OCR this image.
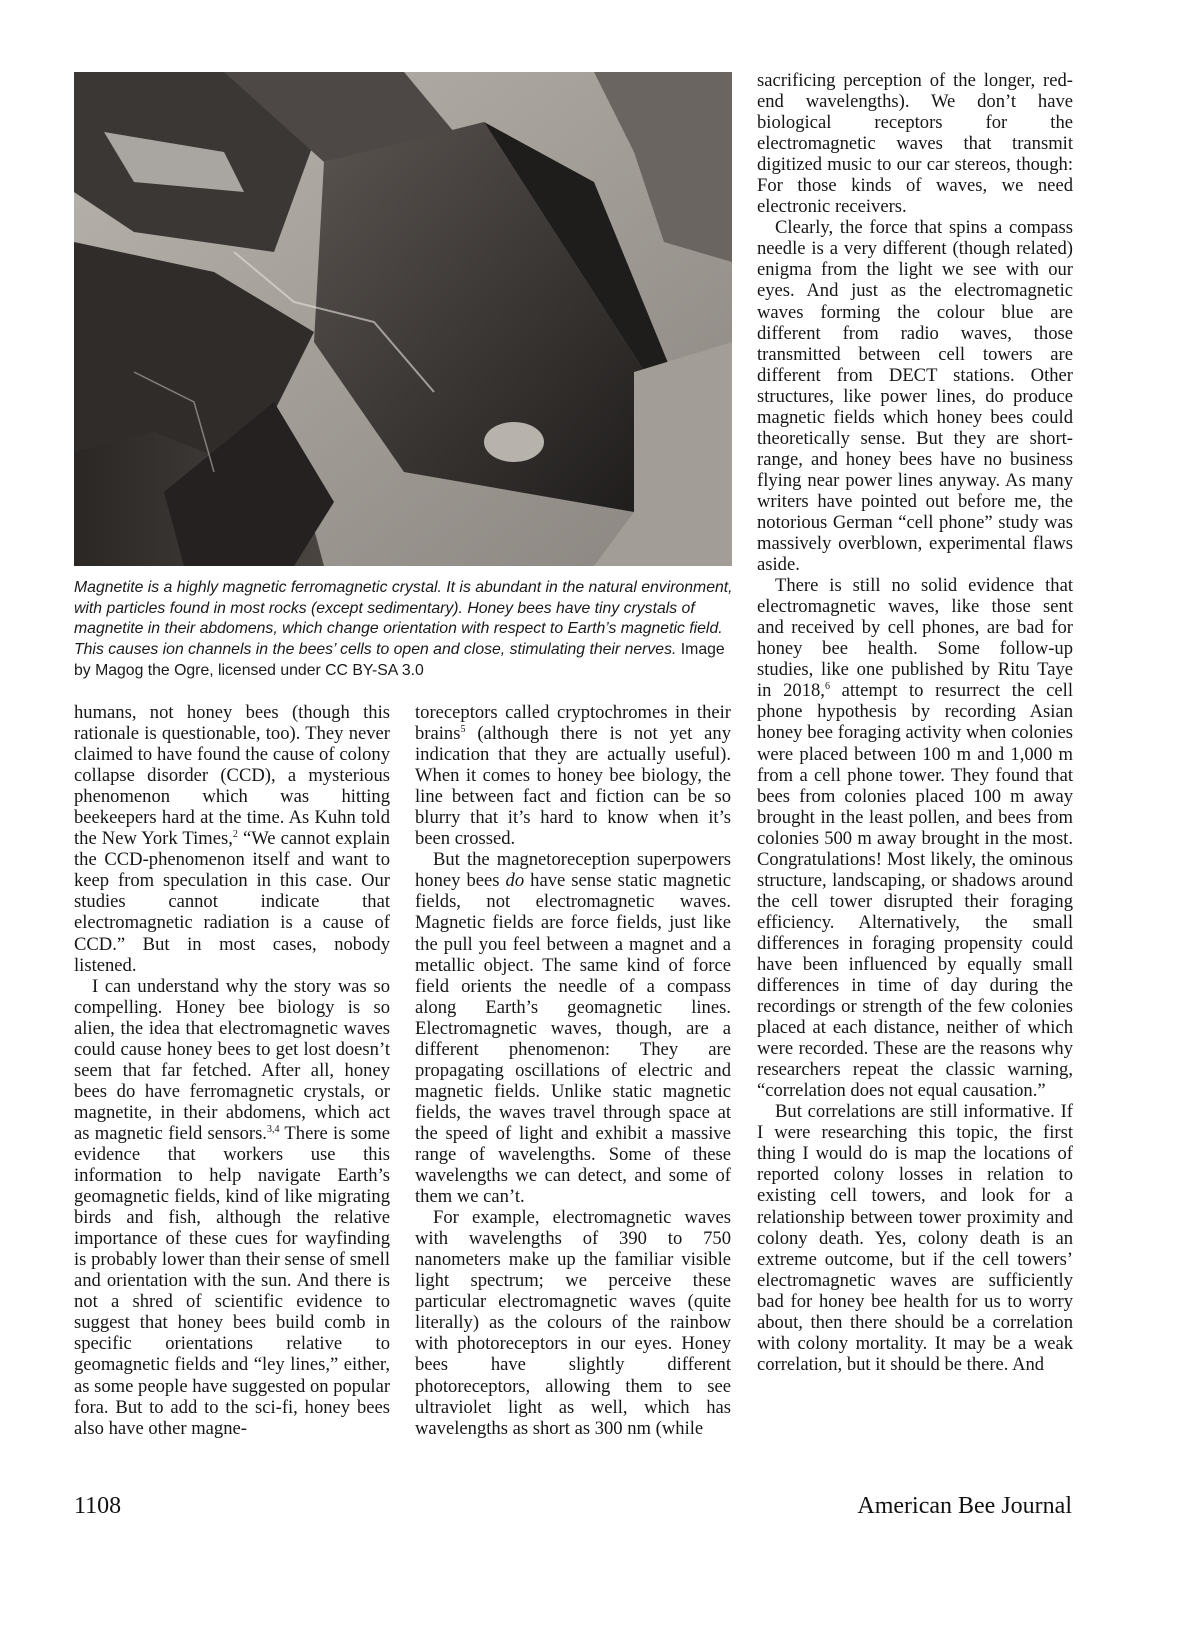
Magnetite is a highly magnetic ferromagnetic crystal. It is abundant in the natural environment, with particles found in most rocks (except sedimentary). Honey bees have tiny crystals of magnetite in their abdomens, which change orientation with respect to Earth’s magnetic field. This causes ion channels in the bees’ cells to open and close, stimulating their nerves. Image by Magog the Ogre, licensed under CC BY-SA 3.0

humans, not honey bees (though this rationale is questionable, too). They never claimed to have found the cause of colony collapse disorder (CCD), a mysterious phenomenon which was hitting beekeepers hard at the time. As Kuhn told the New York Times,$^2$ “We cannot explain the CCD-phenomenon itself and want to keep from speculation in this case. Our studies cannot indicate that electromagnetic radiation is a cause of CCD.” But in most cases, nobody listened.

I can understand why the story was so compelling. Honey bee biology is so alien, the idea that electromagnetic waves could cause honey bees to get lost doesn’t seem that far fetched. After all, honey bees do have ferromagnetic crystals, or magnetite, in their abdomens, which act as magnetic field sensors.$^{3,4}$ There is some evidence that workers use this information to help navigate Earth’s geomagnetic fields, kind of like migrating birds and fish, although the relative importance of these cues for wayfinding is probably lower than their sense of smell and orientation with the sun. And there is not a shred of scientific evidence to suggest that honey bees build comb in specific orientations relative to geomagnetic fields and “ley lines,” either, as some people have suggested on popular fora. But to add to the sci-fi, honey bees also have other magne-

toreceptors called cryptochromes in their brains$^5$ (although there is not yet any indication that they are actually useful). When it comes to honey bee biology, the line between fact and fiction can be so blurry that it’s hard to know when it’s been crossed.

But the magnetoreception superpowers honey bees do have sense static magnetic fields, not electromagnetic waves. Magnetic fields are force fields, just like the pull you feel between a magnet and a metallic object. The same kind of force field orients the needle of a compass along Earth’s geomagnetic lines. Electromagnetic waves, though, are a different phenomenon: They are propagating oscillations of electric and magnetic fields. Unlike static magnetic fields, the waves travel through space at the speed of light and exhibit a massive range of wavelengths. Some of these wavelengths we can detect, and some of them we can’t.

For example, electromagnetic waves with wavelengths of 390 to 750 nanometers make up the familiar visible light spectrum; we perceive these particular electromagnetic waves (quite literally) as the colours of the rainbow with photoreceptors in our eyes. Honey bees have slightly different photoreceptors, allowing them to see ultraviolet light as well, which has wavelengths as short as 300 nm (while

sacrificing perception of the longer, red-end wavelengths). We don’t have biological receptors for the electromagnetic waves that transmit digitized music to our car stereos, though: For those kinds of waves, we need electronic receivers.

Clearly, the force that spins a compass needle is a very different (though related) enigma from the light we see with our eyes. And just as the electromagnetic waves forming the colour blue are different from radio waves, those transmitted between cell towers are different from DECT stations. Other structures, like power lines, do produce magnetic fields which honey bees could theoretically sense. But they are short-range, and honey bees have no business flying near power lines anyway. As many writers have pointed out before me, the notorious German “cell phone” study was massively overblown, experimental flaws aside.

There is still no solid evidence that electromagnetic waves, like those sent and received by cell phones, are bad for honey bee health. Some follow-up studies, like one published by Ritu Taye in 2018,$^6$ attempt to resurrect the cell phone hypothesis by recording Asian honey bee foraging activity when colonies were placed between 100 m and 1,000 m from a cell phone tower. They found that bees from colonies placed 100 m away brought in the least pollen, and bees from colonies 500 m away brought in the most. Congratulations! Most likely, the ominous structure, landscaping, or shadows around the cell tower disrupted their foraging efficiency. Alternatively, the small differences in foraging propensity could have been influenced by equally small differences in time of day during the recordings or strength of the few colonies placed at each distance, neither of which were recorded. These are the reasons why researchers repeat the classic warning, “correlation does not equal causation.”

But correlations are still informative. If I were researching this topic, the first thing I would do is map the locations of reported colony losses in relation to existing cell towers, and look for a relationship between tower proximity and colony death. Yes, colony death is an extreme outcome, but if the cell towers’ electromagnetic waves are sufficiently bad for honey bee health for us to worry about, then there should be a correlation with colony mortality. It may be a weak correlation, but it should be there. And

1108	American Bee Journal
